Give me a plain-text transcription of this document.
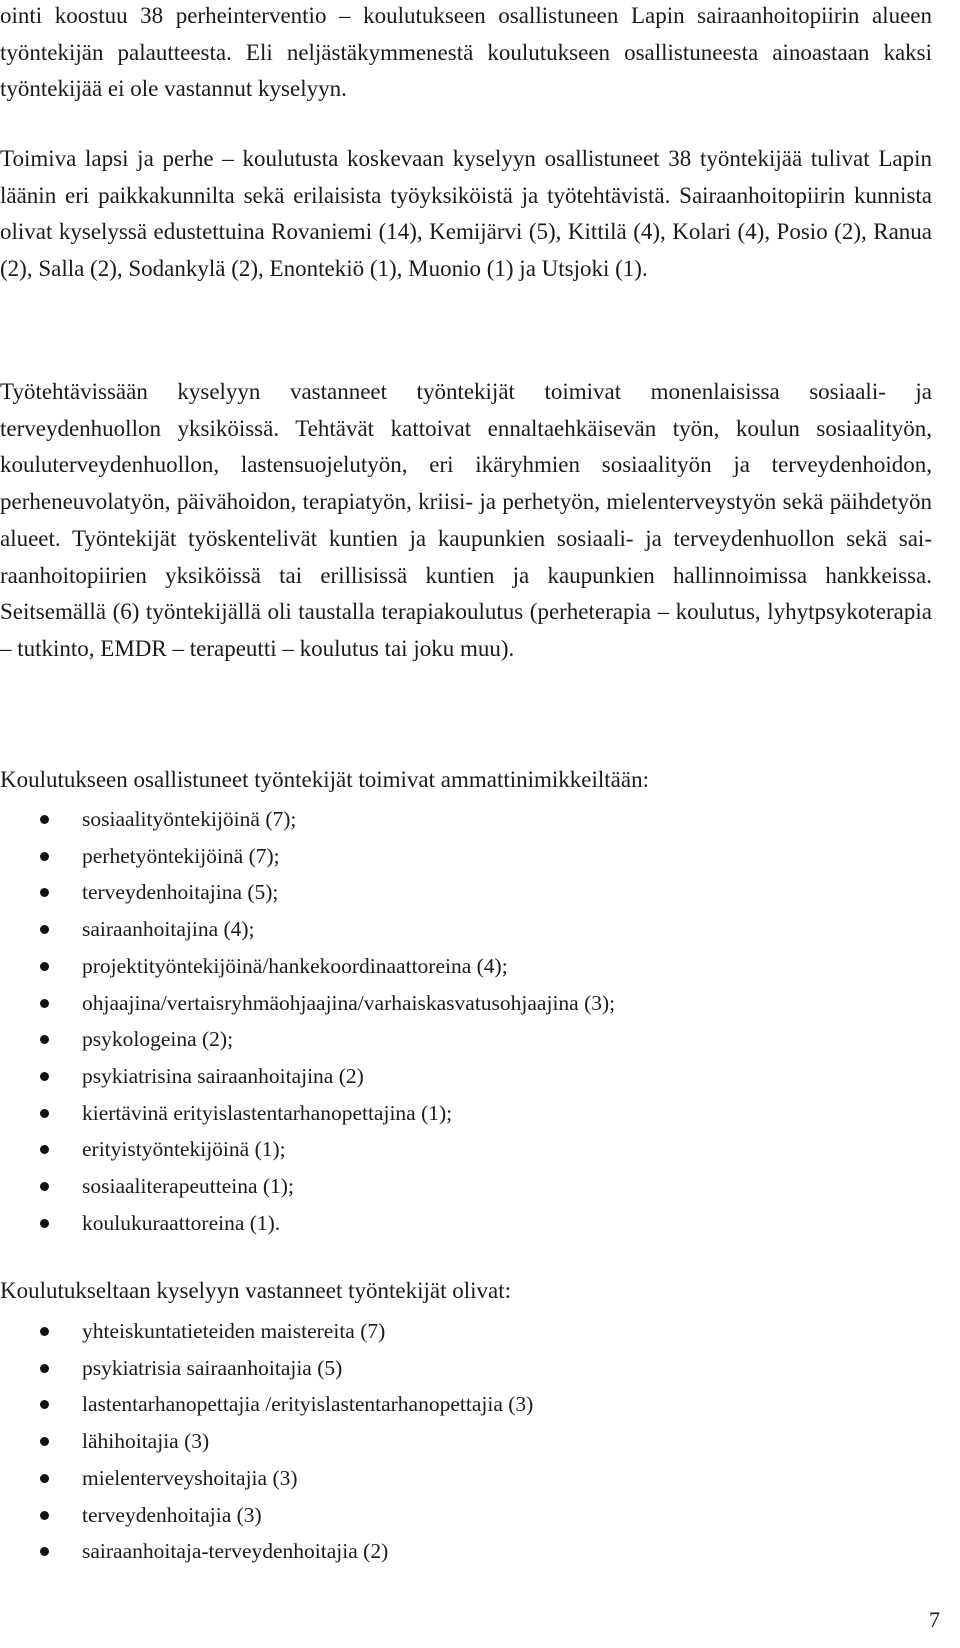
ointi koostuu 38 perheinterventio – koulutukseen osallistuneen Lapin sairaanhoitopiirin alueen työntekijän palautteesta. Eli neljästäkymmenestä koulutukseen osallistuneesta ainoastaan kaksi työntekijää ei ole vastannut kyselyyn.

Toimiva lapsi ja perhe – koulutusta koskevaan kyselyyn osallistuneet 38 työntekijää tulivat Lapin läänin eri paikkakunnilta sekä erilaisista työyksiköistä ja työtehtävistä. Sairaanhoitopiirin kunnista olivat kyselyssä edustettuina Rovaniemi (14), Kemijärvi (5), Kittilä (4), Kolari (4), Posio (2), Ranua (2), Salla (2), Sodankylä (2), Enontekiö (1), Muonio (1) ja Utsjoki (1).

Työtehtävissään kyselyyn vastanneet työntekijät toimivat monenlaisissa sosiaali- ja terveydenhuollon yksiköissä. Tehtävät kattoivat ennaltaehkäisevän työn, koulun sosiaalityön, kouluterveydenhuollon, lastensuojelutyön, eri ikäryhmien sosiaalityön ja terveydenhoidon, perheneuvolatyön, päivähoidon, terapiatyön, kriisi- ja perhetyön, mielenterveystyön sekä päihdetyön alueet. Työntekijät työskentelivät kuntien ja kaupunkien sosiaali- ja terveydenhuollon sekä sairaanhoitopiirien yksiköissä tai erillisissä kuntien ja kaupunkien hallinnoimissa hankkeissa. Seitsemällä (6) työntekijällä oli taustalla terapiakoulutus (perheterapia – koulutus, lyhytpsykoterapia – tutkinto, EMDR – terapeutti – koulutus tai joku muu).

Koulutukseen osallistuneet työntekijät toimivat ammattinimikkeiltään:

sosiaalityöntekijöinä (7);
perhetyöntekijöinä (7);
terveydenhoitajina (5);
sairaanhoitajina (4);
projektityöntekijöinä/hankekoordinaattoreina (4);
ohjaajina/vertaisryhmäohjaajina/varhaiskasvatusohjaajina (3);
psykologeina (2);
psykiatrisina sairaanhoitajina (2)
kiertävinä erityislastentarhanopettajina (1);
erityistyöntekijöinä (1);
sosiaaliterapeutteina (1);
koulukuraattoreina (1).

Koulutukseltaan kyselyyn vastanneet työntekijät olivat:

yhteiskuntatieteiden maistereita (7)
psykiatrisia sairaanhoitajia (5)
lastentarhanopettajia /erityislastentarhanopettajia (3)
lähihoitajia (3)
mielenterveyshoitajia (3)
terveydenhoitajia (3)
sairaanhoitaja-terveydenhoitajia (2)
7
